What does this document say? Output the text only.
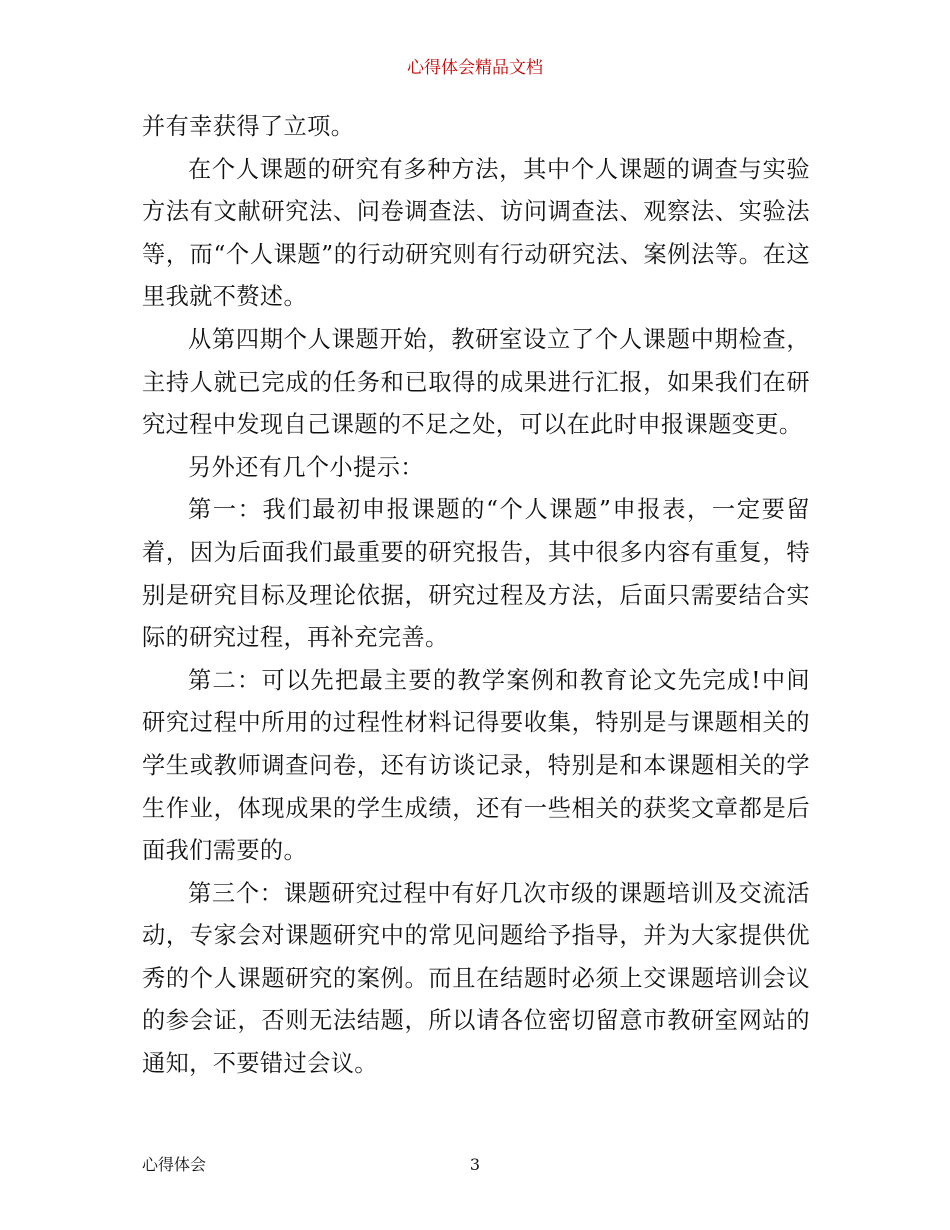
心得体会精品文档

并有幸获得了立项。

在个人课题的研究有多种方法，其中个人课题的调查与实验方法有文献研究法、问卷调查法、访问调查法、观察法、实验法等，而“个人课题”的行动研究则有行动研究法、案例法等。在这里我就不赘述。

从第四期个人课题开始，教研室设立了个人课题中期检查，主持人就已完成的任务和已取得的成果进行汇报，如果我们在研究过程中发现自己课题的不足之处，可以在此时申报课题变更。

另外还有几个小提示：

第一：我们最初申报课题的“个人课题”申报表，一定要留着，因为后面我们最重要的研究报告，其中很多内容有重复，特别是研究目标及理论依据，研究过程及方法，后面只需要结合实际的研究过程，再补充完善。

第二：可以先把最主要的教学案例和教育论文先完成!中间研究过程中所用的过程性材料记得要收集，特别是与课题相关的学生或教师调查问卷，还有访谈记录，特别是和本课题相关的学生作业，体现成果的学生成绩，还有一些相关的获奖文章都是后面我们需要的。

第三个：课题研究过程中有好几次市级的课题培训及交流活动，专家会对课题研究中的常见问题给予指导，并为大家提供优秀的个人课题研究的案例。而且在结题时必须上交课题培训会议的参会证，否则无法结题，所以请各位密切留意市教研室网站的通知，不要错过会议。

心得体会	3
